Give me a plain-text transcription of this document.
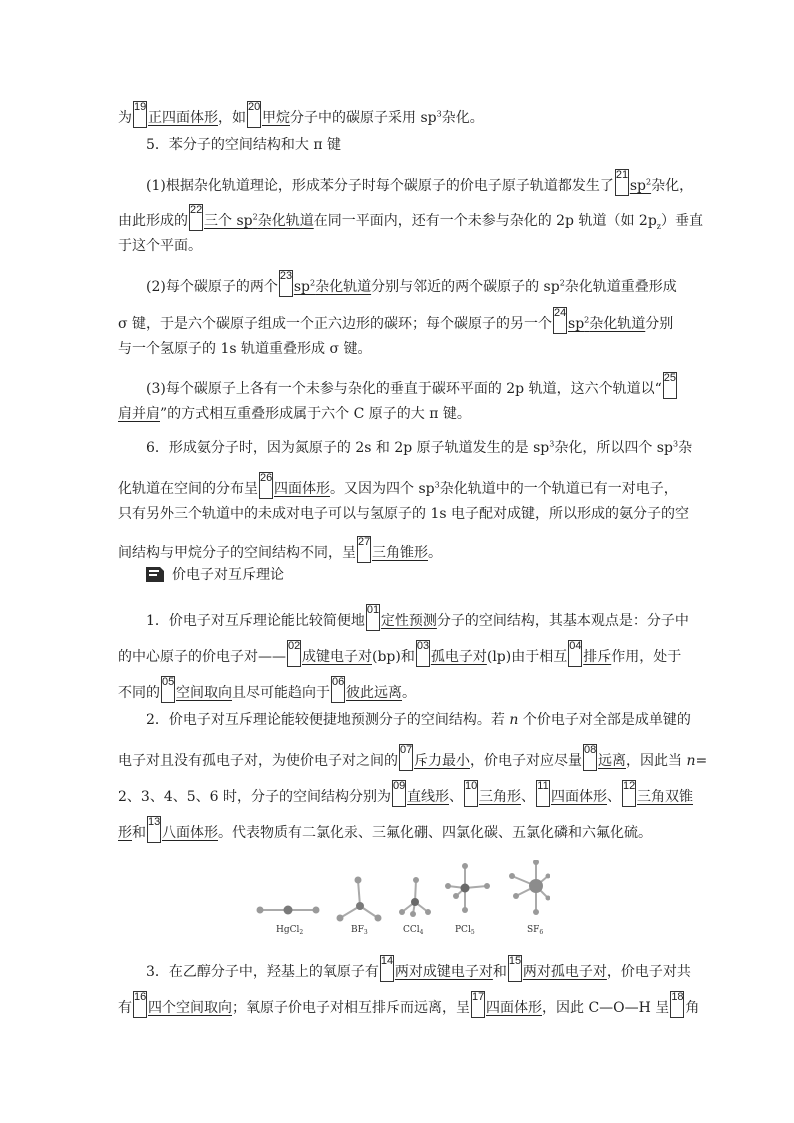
为
19
正四面体形，如
20
甲烷分子中的碳原子采用 $sp^3$杂化。
5．苯分子的空间结构和大 π 键
(1)根据杂化轨道理论，形成苯分子时每个碳原子的价电子原子轨道都发生了
21
$sp^2$杂化，
由此形成的
22
三个 $sp^2$杂化轨道在同一平面内，还有一个未参与杂化的 2p 轨道（如 $2p_z$）垂直
于这个平面。
(2)每个碳原子的两个
23
$sp^2$杂化轨道分别与邻近的两个碳原子的 $sp^2$杂化轨道重叠形成
σ 键，于是六个碳原子组成一个正六边形的碳环；每个碳原子的另一个
24
$sp^2$杂化轨道分别
与一个氢原子的 1s 轨道重叠形成 σ 键。
(3)每个碳原子上各有一个未参与杂化的垂直于碳环平面的 2p 轨道，这六个轨道以“
25
肩并肩”的方式相互重叠形成属于六个 C 原子的大 π 键。
6．形成氨分子时，因为氮原子的 2s 和 2p 原子轨道发生的是 $sp^3$杂化，所以四个 $sp^3$杂
化轨道在空间的分布呈
26
四面体形。又因为四个 $sp^3$杂化轨道中的一个轨道已有一对电子，
只有另外三个轨道中的未成对电子可以与氢原子的 1s 电子配对成键，所以形成的氨分子的空
间结构与甲烷分子的空间结构不同，呈
27
三角锥形。
价电子对互斥理论
1．价电子对互斥理论能比较简便地
01
定性预测分子的空间结构，其基本观点是：分子中
的中心原子的价电子对——
02
成键电子对(bp)和
03
孤电子对(lp)由于相互
04
排斥作用，处于
不同的
05
空间取向且尽可能趋向于
06
彼此远离。
2．价电子对互斥理论能较便捷地预测分子的空间结构。若 n 个价电子对全部是成单键的
电子对且没有孤电子对，为使价电子对之间的
07
斥力最小，价电子对应尽量
08
远离，因此当 n=
2、3、4、5、6 时，分子的空间结构分别为
09
直线形、
10
三角形、
11
四面体形、
12
三角双锥
形和
13
八面体形。代表物质有二氯化汞、三氟化硼、四氯化碳、五氯化磷和六氟化硫。
HgCl$_2$	$BF_3$	CCl$_4$	PCl$_5$	$SF_6$
3．在乙醇分子中，羟基上的氧原子有
14
两对成键电子对和
15
两对孤电子对，价电子对共
有
16
四个空间取向；氧原子价电子对相互排斥而远离，呈
17
四面体形，因此 C—O—H 呈
18
角
